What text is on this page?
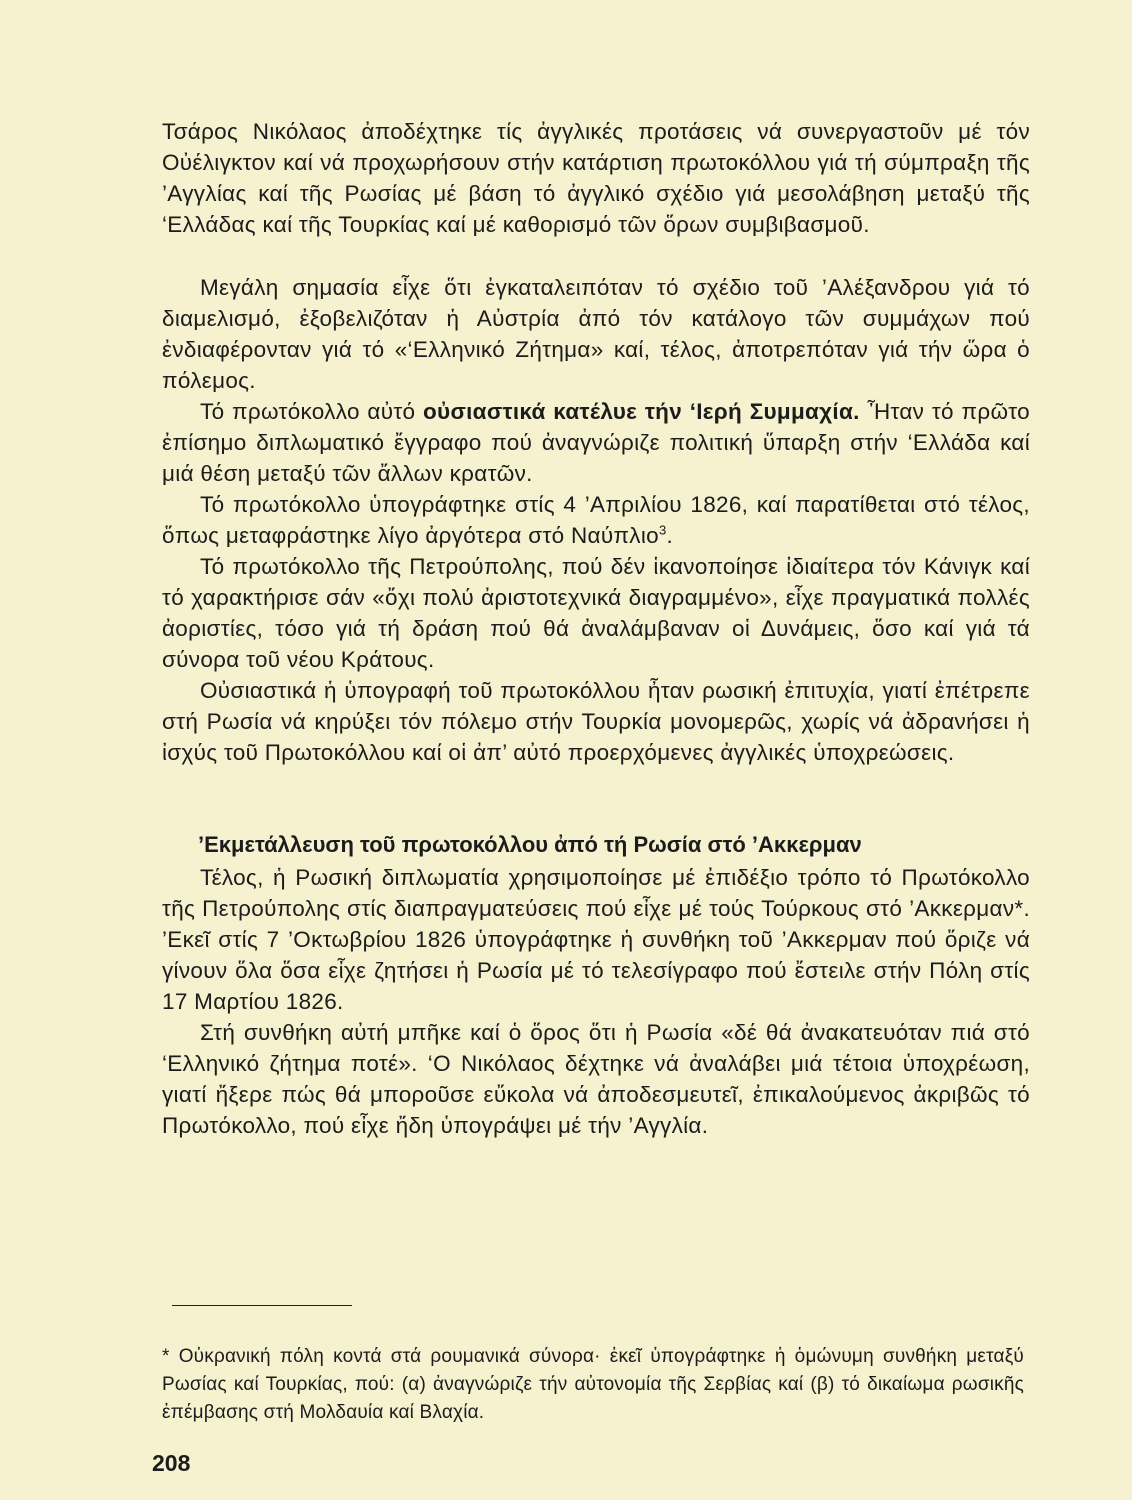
Τσάρος Νικόλαος ἀποδέχτηκε τίς ἀγγλικές προτάσεις νά συνεργαστοῦν μέ τόν Οὐέλιγκτον καί νά προχωρήσουν στήν κατάρτιση πρωτοκόλλου γιά τή σύμπραξη τῆς ’Αγγλίας καί τῆς Ρωσίας μέ βάση τό ἀγγλικό σχέδιο γιά μεσολάβηση μεταξύ τῆς ‘Ελλάδας καί τῆς Τουρκίας καί μέ καθορισμό τῶν ὅρων συμβιβασμοῦ.

Μεγάλη σημασία εἶχε ὅτι ἐγκαταλειπόταν τό σχέδιο τοῦ ’Αλέξανδρου γιά τό διαμελισμό, ἐξοβελιζόταν ἡ Αὐστρία ἀπό τόν κατάλογο τῶν συμμάχων πού ἐνδιαφέρονταν γιά τό «‘Ελληνικό Ζήτημα» καί, τέλος, ἀποτρεπόταν γιά τήν ὥρα ὁ πόλεμος.

Τό πρωτόκολλο αὐτό οὐσιαστικά κατέλυε τήν ‘Ιερή Συμμαχία. Ἦταν τό πρῶτο ἐπίσημο διπλωματικό ἔγγραφο πού ἀναγνώριζε πολιτική ὕπαρξη στήν ‘Ελλάδα καί μιά θέση μεταξύ τῶν ἄλλων κρατῶν.

Τό πρωτόκολλο ὑπογράφτηκε στίς 4 ’Απριλίου 1826, καί παρατίθεται στό τέλος, ὅπως μεταφράστηκε λίγο ἀργότερα στό Ναύπλιο$^3$.

Τό πρωτόκολλο τῆς Πετρούπολης, πού δέν ἱκανοποίησε ἰδιαίτερα τόν Κάνιγκ καί τό χαρακτήρισε σάν «ὄχι πολύ ἀριστοτεχνικά διαγραμμένο», εἶχε πραγματικά πολλές ἀοριστίες, τόσο γιά τή δράση πού θά ἀναλάμβαναν οἱ Δυνάμεις, ὅσο καί γιά τά σύνορα τοῦ νέου Κράτους.

Οὐσιαστικά ἡ ὑπογραφή τοῦ πρωτοκόλλου ἦταν ρωσική ἐπιτυχία, γιατί ἐπέτρεπε στή Ρωσία νά κηρύξει τόν πόλεμο στήν Τουρκία μονομερῶς, χωρίς νά ἀδρανήσει ἡ ἰσχύς τοῦ Πρωτοκόλλου καί οἱ ἀπ’ αὐτό προερχόμενες ἀγγλικές ὑποχρεώσεις.

’Εκμετάλλευση τοῦ πρωτοκόλλου ἀπό τή Ρωσία στό ’Ακκερμαν

Τέλος, ἡ Ρωσική διπλωματία χρησιμοποίησε μέ ἐπιδέξιο τρόπο τό Πρωτόκολλο τῆς Πετρούπολης στίς διαπραγματεύσεις πού εἶχε μέ τούς Τούρκους στό ’Ακκερμαν*. ’Εκεῖ στίς 7 ’Οκτωβρίου 1826 ὑπογράφτηκε ἡ συνθήκη τοῦ ’Ακκερμαν πού ὅριζε νά γίνουν ὅλα ὅσα εἶχε ζητήσει ἡ Ρωσία μέ τό τελεσίγραφο πού ἔστειλε στήν Πόλη στίς 17 Μαρτίου 1826.

Στή συνθήκη αὐτή μπῆκε καί ὁ ὅρος ὅτι ἡ Ρωσία «δέ θά ἀνακατευόταν πιά στό ‘Ελληνικό ζήτημα ποτέ». ‘Ο Νικόλαος δέχτηκε νά ἀναλάβει μιά τέτοια ὑποχρέωση, γιατί ἤξερε πώς θά μποροῦσε εὔκολα νά ἀποδεσμευτεῖ, ἐπικαλούμενος ἀκριβῶς τό Πρωτόκολλο, πού εἶχε ἤδη ὑπογράψει μέ τήν ’Αγγλία.

* Οὐκρανική πόλη κοντά στά ρουμανικά σύνορα· ἐκεῖ ὑπογράφτηκε ἡ ὁμώνυμη συνθήκη μεταξύ Ρωσίας καί Τουρκίας, πού: (α) ἀναγνώριζε τήν αὐτονομία τῆς Σερβίας καί (β) τό δικαίωμα ρωσικῆς ἐπέμβασης στή Μολδαυία καί Βλαχία.

208
